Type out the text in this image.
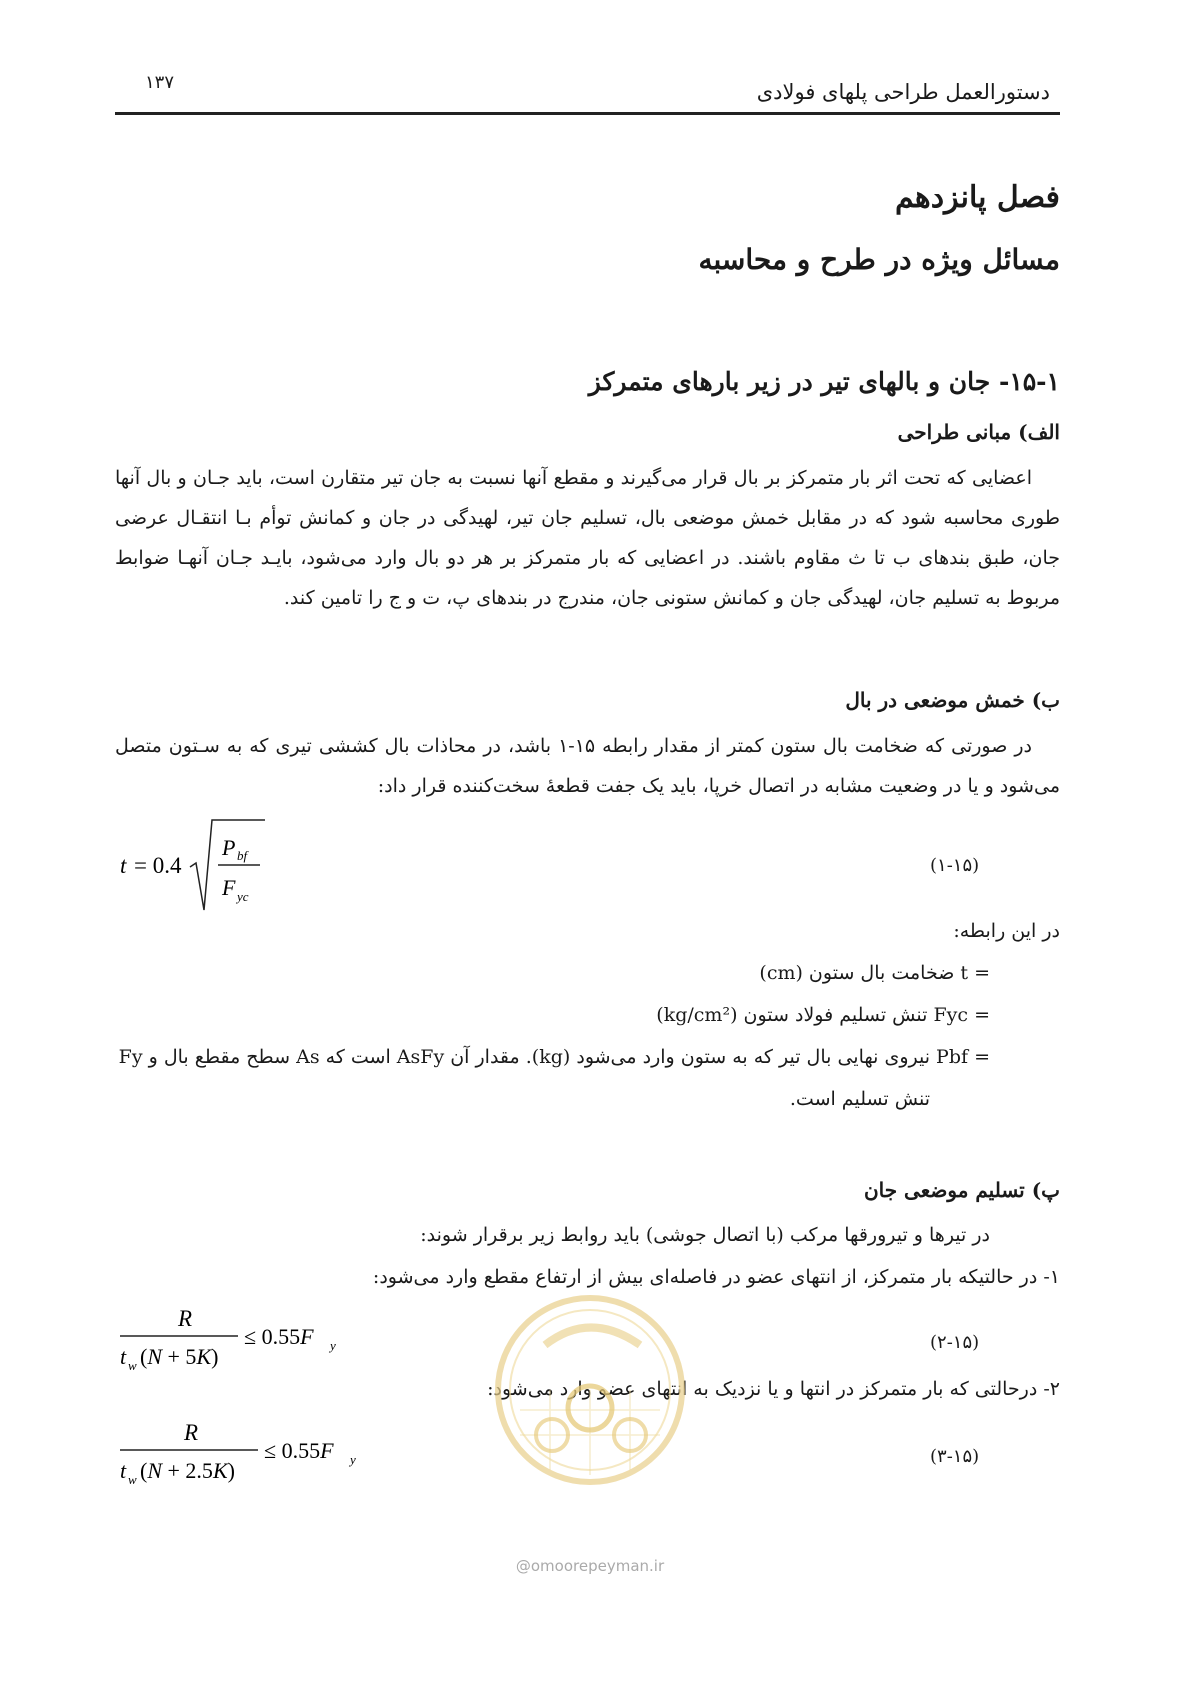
دستورالعمل طراحی پلهای فولادی
۱۳۷
فصل پانزدهم
مسائل ویژه در طرح و محاسبه
۱۵-۱- جان و بالهای تیر در زیر بارهای متمرکز
الف) مبانی طراحی

اعضایی که تحت اثر بار متمرکز بر بال قرار می‌گیرند و مقطع آنها نسبت به جان تیر متقارن است، باید جـان و بال آنها طوری محاسبه شود که در مقابل خمش موضعی بال، تسلیم جان تیر، لهیدگی در جان و کمانش توأم بـا انتقـال عرضی جان، طبق بندهای ب تا ث مقاوم باشند. در اعضایی که بار متمرکز بر هر دو بال وارد می‌شود، بایـد جـان آنهـا ضوابط مربوط به تسلیم جان، لهیدگی جان و کمانش ستونی جان، مندرج در بندهای پ، ت و ج را تامین کند.

ب) خمش موضعی در بال

در صورتی که ضخامت بال ستون کمتر از مقدار رابطه ۱۵-۱ باشد، در محاذات بال کششی تیری که به سـتون متصل می‌شود و یا در وضعیت مشابه در اتصال خرپا، باید یک جفت قطعهٔ سخت‌کننده قرار داد:

t = 0.4
P bf
F yc
(۱-۱۵)
در این رابطه:
= t ضخامت بال ستون (cm)
= Fyc تنش تسلیم فولاد ستون (kg/cm²)
= Pbf نیروی نهایی بال تیر که به ستون وارد می‌شود (kg). مقدار آن AsFy است که As سطح مقطع بال و Fy
تنش تسلیم است.
پ) تسلیم موضعی جان
در تیرها و تیرورقها مرکب (با اتصال جوشی) باید روابط زیر برقرار شوند:
۱- در حالتیکه بار متمرکز، از انتهای عضو در فاصله‌ای بیش از ارتفاع مقطع وارد می‌شود:
R
t w (N + 5K)
≤ 0.55F y	(۲-۱۵)
۲- درحالتی که بار متمرکز در انتها و یا نزدیک به انتهای عضو وارد می‌شود:
R
t w (N + 2.5K)
≤ 0.55F y	(۳-۱۵)
@omoorepeyman.ir
